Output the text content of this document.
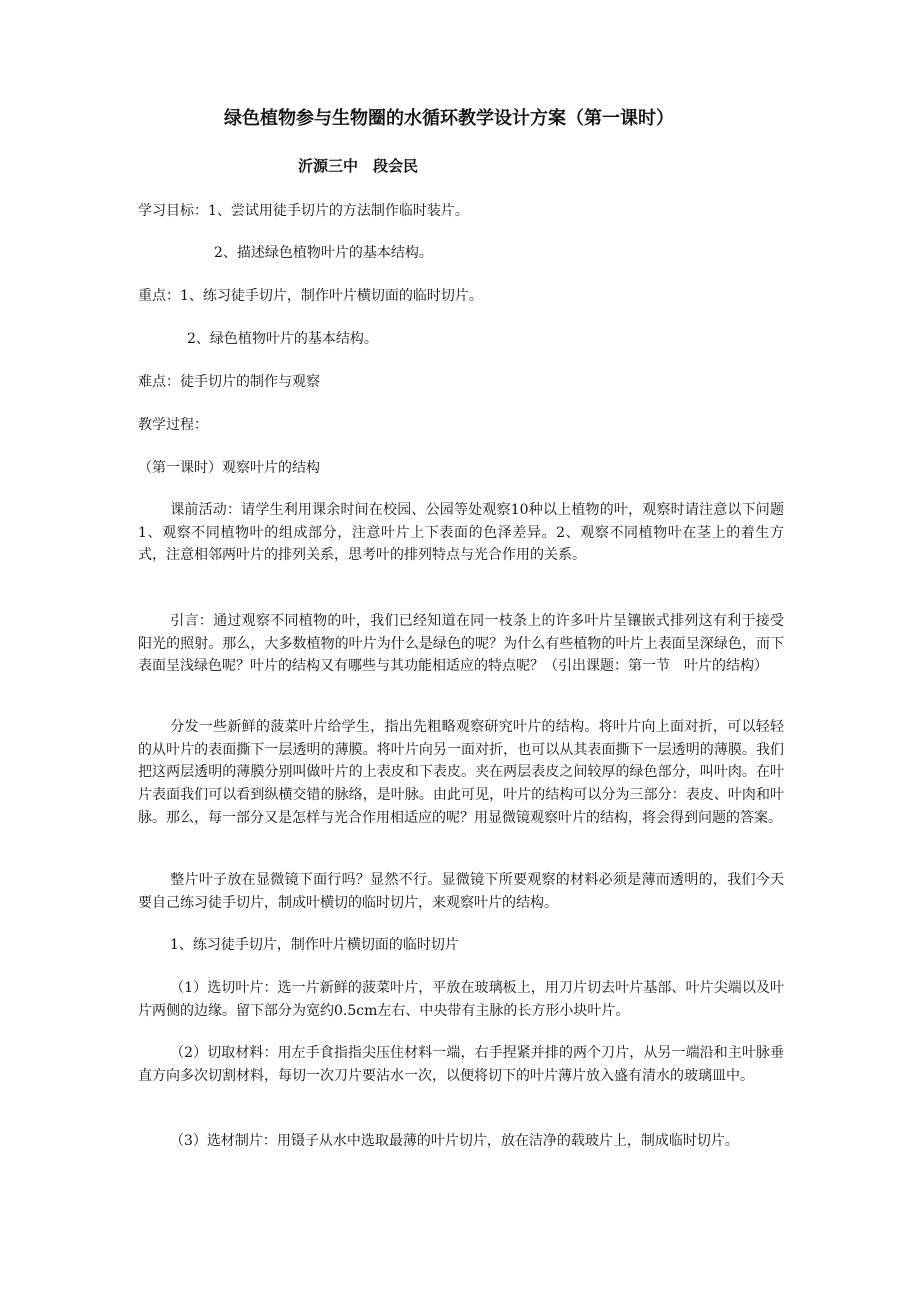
绿色植物参与生物圈的水循环教学设计方案（第一课时）

沂源三中　段会民

学习目标：1、尝试用徒手切片的方法制作临时装片。

2、描述绿色植物叶片的基本结构。

重点：1、练习徒手切片，制作叶片横切面的临时切片。

2、绿色植物叶片的基本结构。

难点：徒手切片的制作与观察

教学过程：

（第一课时）观察叶片的结构

课前活动：请学生利用课余时间在校园、公园等处观察10种以上植物的叶，观察时请注意以下问题 1、观察不同植物叶的组成部分，注意叶片上下表面的色泽差异。2、观察不同植物叶在茎上的着生方式，注意相邻两叶片的排列关系，思考叶的排列特点与光合作用的关系。

引言：通过观察不同植物的叶，我们已经知道在同一枝条上的许多叶片呈镶嵌式排列这有利于接受阳光的照射。那么，大多数植物的叶片为什么是绿色的呢？为什么有些植物的叶片上表面呈深绿色，而下表面呈浅绿色呢？叶片的结构又有哪些与其功能相适应的特点呢？（引出课题：第一节　叶片的结构）

分发一些新鲜的菠菜叶片给学生，指出先粗略观察研究叶片的结构。将叶片向上面对折，可以轻轻的从叶片的表面撕下一层透明的薄膜。将叶片向另一面对折，也可以从其表面撕下一层透明的薄膜。我们把这两层透明的薄膜分别叫做叶片的上表皮和下表皮。夹在两层表皮之间较厚的绿色部分，叫叶肉。在叶片表面我们可以看到纵横交错的脉络，是叶脉。由此可见，叶片的结构可以分为三部分：表皮、叶肉和叶脉。那么，每一部分又是怎样与光合作用相适应的呢？用显微镜观察叶片的结构，将会得到问题的答案。

整片叶子放在显微镜下面行吗？显然不行。显微镜下所要观察的材料必须是薄而透明的，我们今天要自己练习徒手切片，制成叶横切的临时切片，来观察叶片的结构。

1、练习徒手切片，制作叶片横切面的临时切片

（1）选切叶片：选一片新鲜的菠菜叶片，平放在玻璃板上，用刀片切去叶片基部、叶片尖端以及叶片两侧的边缘。留下部分为宽约0.5cm左右、中央带有主脉的长方形小块叶片。

（2）切取材料：用左手食指指尖压住材料一端，右手捏紧并排的两个刀片，从另一端沿和主叶脉垂直方向多次切割材料，每切一次刀片要沾水一次，以便将切下的叶片薄片放入盛有清水的玻璃皿中。

（3）选材制片：用镊子从水中选取最薄的叶片切片，放在洁净的载玻片上，制成临时切片。
